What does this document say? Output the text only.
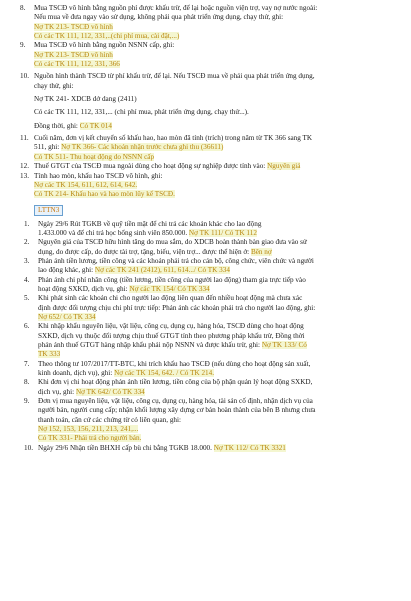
8. Mua TSCĐ vô hình bằng nguồn phí được khấu trừ, để lại hoặc nguồn viện trợ, vay nợ nước ngoài:
Nếu mua về đưa ngay vào sử dụng, không phải qua phát triển ứng dụng, chạy thử, ghi:
Nợ TK 213- TSCĐ vô hình
Có các TK 111, 112, 331,..(chi phí mua, cài đặt,...)
9. Mua TSCĐ vô hình bằng nguồn NSNN cấp, ghi:
Nợ TK 213- TSCĐ vô hình
Có các TK 111, 112, 331, 366
10. Nguồn hình thành TSCĐ từ phí khấu trừ, để lại. Nếu TSCĐ mua về phải qua phát triển ứng dụng,
chạy thử, ghi:
Nợ TK 241- XDCB dở dang (2411)
Có các TK 111, 112, 331,... (chi phí mua, phát triển ứng dụng, chạy thử...).
Đồng thời, ghi: Có TK 014
11. Cuối năm, đơn vị kết chuyển số khấu hao, hao mòn đã tính (trích) trong năm từ TK 366 sang TK
511, ghi: Nợ TK 366- Các khoản nhận trước chưa ghi thu (36611)
Có TK 511- Thu hoạt động do NSNN cấp
12. Thuế GTGT của TSCĐ mua ngoài dùng cho hoạt động sự nghiệp được tính vào: Nguyên giá
13. Tính hao mòn, khấu hao TSCĐ vô hình, ghi:
Nợ các TK 154, 611, 612, 614, 642.
Có TK 214- Khấu hao và hao mòn lũy kế TSCĐ.
LTTN3
1. Ngày 29/6 Rút TGKB về quỹ tiền mặt để chi trả các khoản khác cho lao động
1.433.000 và để chi trả học bổng sinh viên 850.000. Nợ TK 111/ Có TK 112
2. Nguyên giá của TSCĐ hữu hình tăng do mua sắm, do XDCB hoàn thành bàn giao đưa vào sử
dụng, do được cấp, do được tài trợ, tặng, biếu, viện trợ... được thể hiện ở: Bên nợ
3. Phản ánh tiền lương, tiền công và các khoản phải trả cho cán bộ, công chức, viên chức và người
lao động khác, ghi: Nợ các TK 241 (2412), 611, 614.../ Có TK 334
4. Phản ánh chi phí nhân công (tiền lương, tiền công của người lao động) tham gia trực tiếp vào
hoạt động SXKD, dịch vụ, ghi: Nợ các TK 154/ Có TK 334
5. Khi phát sinh các khoản chi cho người lao động liên quan đến nhiều hoạt động mà chưa xác
định được đối tượng chịu chi phí trực tiếp: Phản ánh các khoản phải trả cho người lao động, ghi:
Nợ 652/ Có TK 334
6. Khi nhập khẩu nguyên liệu, vật liệu, công cụ, dụng cụ, hàng hóa, TSCĐ dùng cho hoạt động
SXKD, dịch vụ thuộc đối tượng chịu thuế GTGT tính theo phương pháp khấu trừ, Đồng thời
phản ánh thuế GTGT hàng nhập khẩu phải nộp NSNN và được khấu trừ, ghi: Nợ TK 133/ Có
TK 333
7. Theo thông tư 107/2017/TT-BTC, khi trích khấu hao TSCĐ (nếu dùng cho hoạt động sản xuất,
kinh doanh, dịch vụ), ghi: Nợ các TK 154, 642. / Có TK 214.
8. Khi đơn vị chi hoạt động phản ánh tiền lương, tiền công của bộ phận quản lý hoạt động SXKD,
dịch vụ, ghi: Nợ TK 642/ Có TK 334
9. Đơn vị mua nguyên liệu, vật liệu, công cụ, dụng cụ, hàng hóa, tài sản cố định, nhận dịch vụ của
người bán, người cung cấp; nhận khối lượng xây dựng cơ bản hoàn thành của bên B nhưng chưa
thanh toán, căn cứ các chứng từ có liên quan, ghi:
Nợ 152, 153, 156, 211, 213, 241,...
Có TK 331- Phải trả cho người bán.
10. Ngày 29/6 Nhận tiền BHXH cấp bù chi bằng TGKB 18.000. Nợ TK 112/ Có TK 3321
